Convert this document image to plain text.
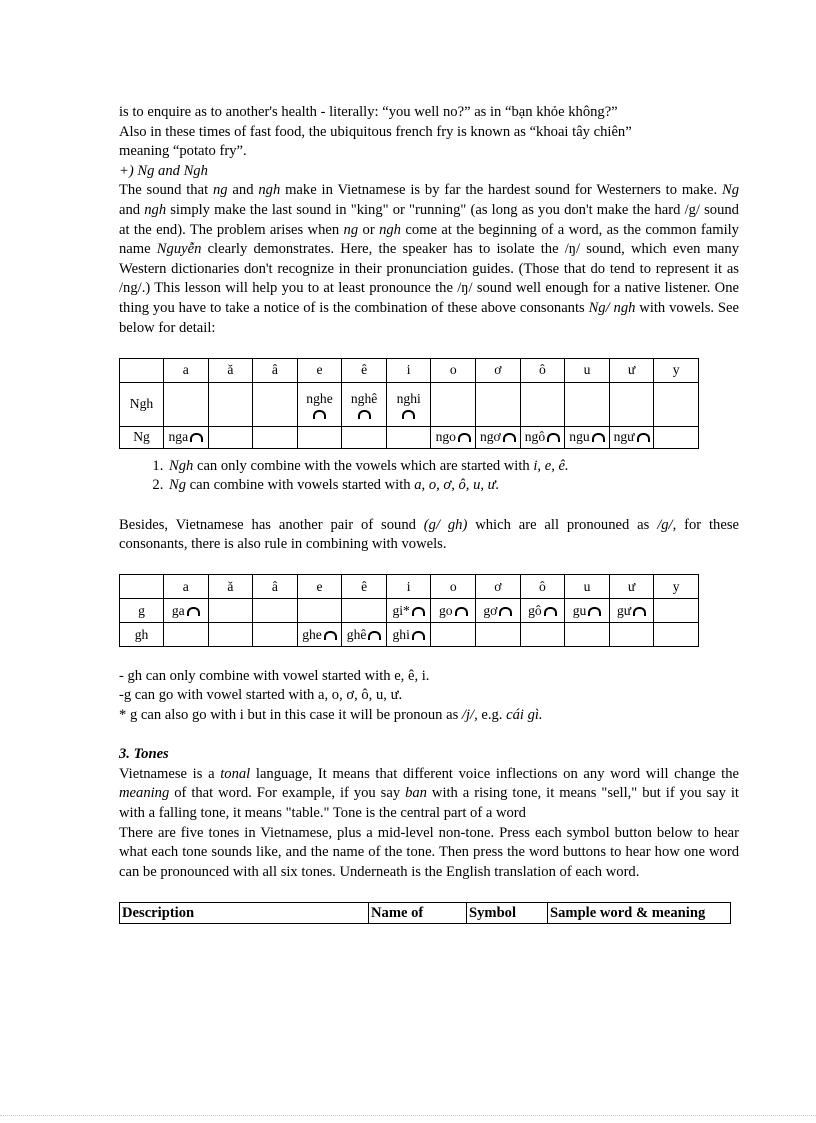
is to enquire as to another's health - literally: “you well no?” as in “bạn khỏe không?”

Also in these times of fast food, the ubiquitous french fry is known as “khoai tây chiên”

meaning “potato fry”.

+) Ng and Ngh

The sound that ng and ngh make in Vietnamese is by far the hardest sound for Westerners to make. Ng and ngh simply make the last sound in "king" or "running" (as long as you don't make the hard /g/ sound at the end). The problem arises when ng or ngh come at the beginning of a word, as the common family name Nguyễn clearly demonstrates. Here, the speaker has to isolate the /ŋ/ sound, which even many Western dictionaries don't recognize in their pronunciation guides. (Those that do tend to represent it as /ng/.) This lesson will help you to at least pronounce the /ŋ/ sound well enough for a native listener. One thing you have to take a notice of is the combination of these above consonants Ng/ ngh with vowels. See below for detail:

	a	ă	â	e	ê	i	o	ơ	ô	u	ư	y
Ngh				nghe	nghê	nghi

Ng	nga						ngo	ngơ	ngô	ngu	ngư	
1. Ngh can only combine with the vowels which are started with i, e, ê.
2. Ng can combine with vowels started with a, o, ơ, ô, u, ư.

Besides, Vietnamese has another pair of sound (g/ gh) which are all pronouned as /g/, for these consonants, there is also rule in combining with vowels.

	a	ă	â	e	ê	i	o	ơ	ô	u	ư	y
g	ga					gi*	go	gơ	gô	gu	gư	
gh				ghe	ghê	ghi						

- gh can only combine with vowel started with e, ê, i.

-g can go with vowel started with a, o, ơ, ô, u, ư.

* g can also go with i but in this case it will be pronoun as /j/, e.g. cái gì.

3. Tones

Vietnamese is a tonal language, It means that different voice inflections on any word will change the meaning of that word. For example, if you say ban with a rising tone, it means "sell," but if you say it with a falling tone, it means "table." Tone is the central part of a word

There are five tones in Vietnamese, plus a mid-level non-tone. Press each symbol button below to hear what each tone sounds like, and the name of the tone. Then press the word buttons to hear how one word can be pronounced with all six tones. Underneath is the English translation of each word.

Description	Name of	Symbol	Sample word & meaning
